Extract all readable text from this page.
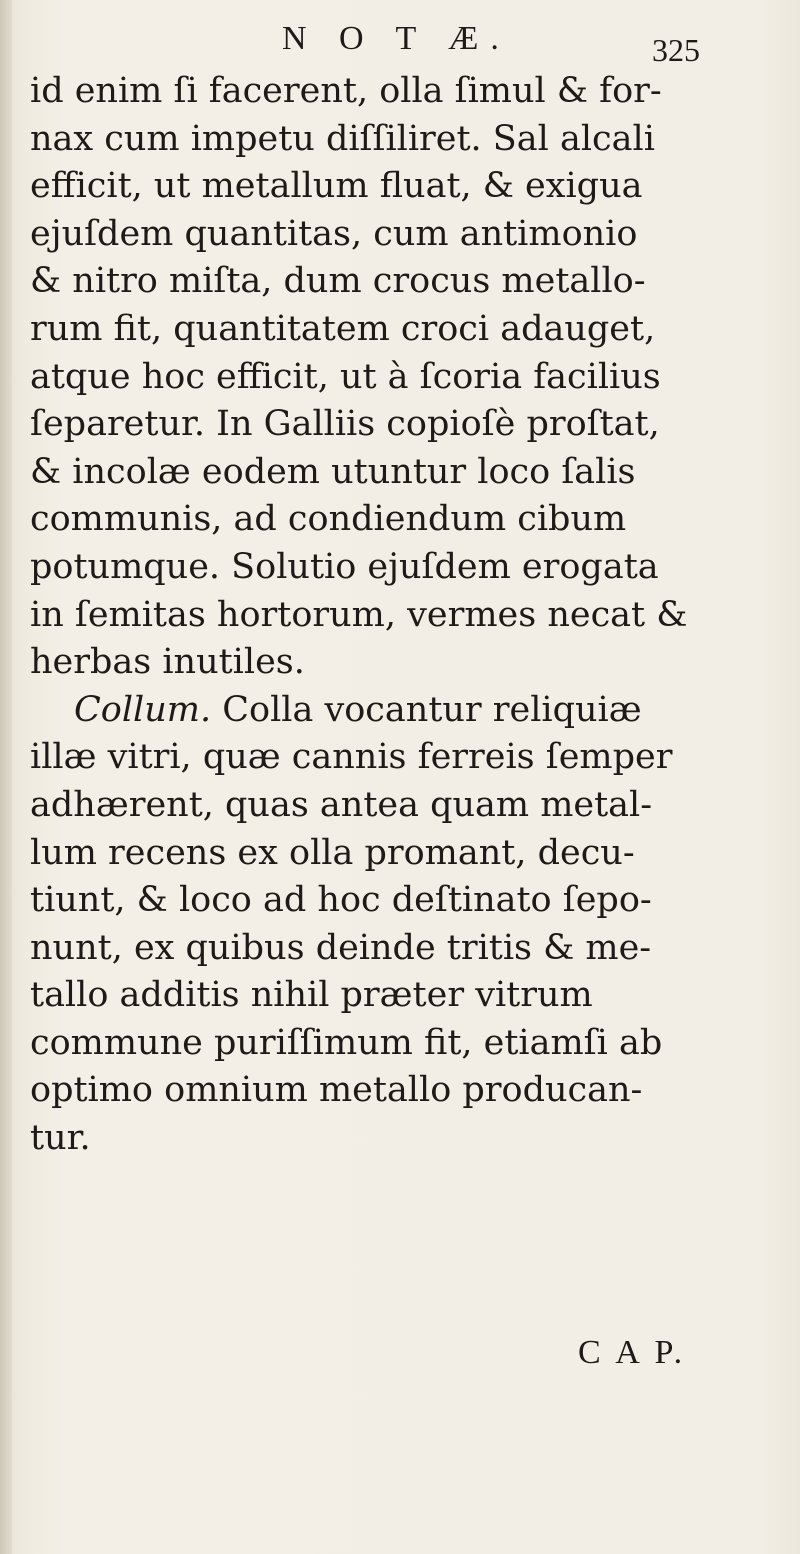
N O T Æ.	325
id enim ſi facerent, olla ſimul & for-
nax cum impetu diſſiliret. Sal alcali
efficit, ut metallum fluat, & exigua
ejuſdem quantitas, cum antimonio
& nitro miſta, dum crocus metallo-
rum fit, quantitatem croci adauget,
atque hoc efficit, ut à ſcoria facilius
ſeparetur. In Galliis copioſè proſtat,
& incolæ eodem utuntur loco ſalis
communis, ad condiendum cibum
potumque. Solutio ejuſdem erogata
in ſemitas hortorum, vermes necat &
herbas inutiles.
Collum. Colla vocantur reliquiæ
illæ vitri, quæ cannis ferreis ſemper
adhærent, quas antea quam metal-
lum recens ex olla promant, decu-
tiunt, & loco ad hoc deſtinato ſepo-
nunt, ex quibus deinde tritis & me-
tallo additis nihil præter vitrum
commune puriſſimum fit, etiamſi ab
optimo omnium metallo producan-
tur.
C A P.
